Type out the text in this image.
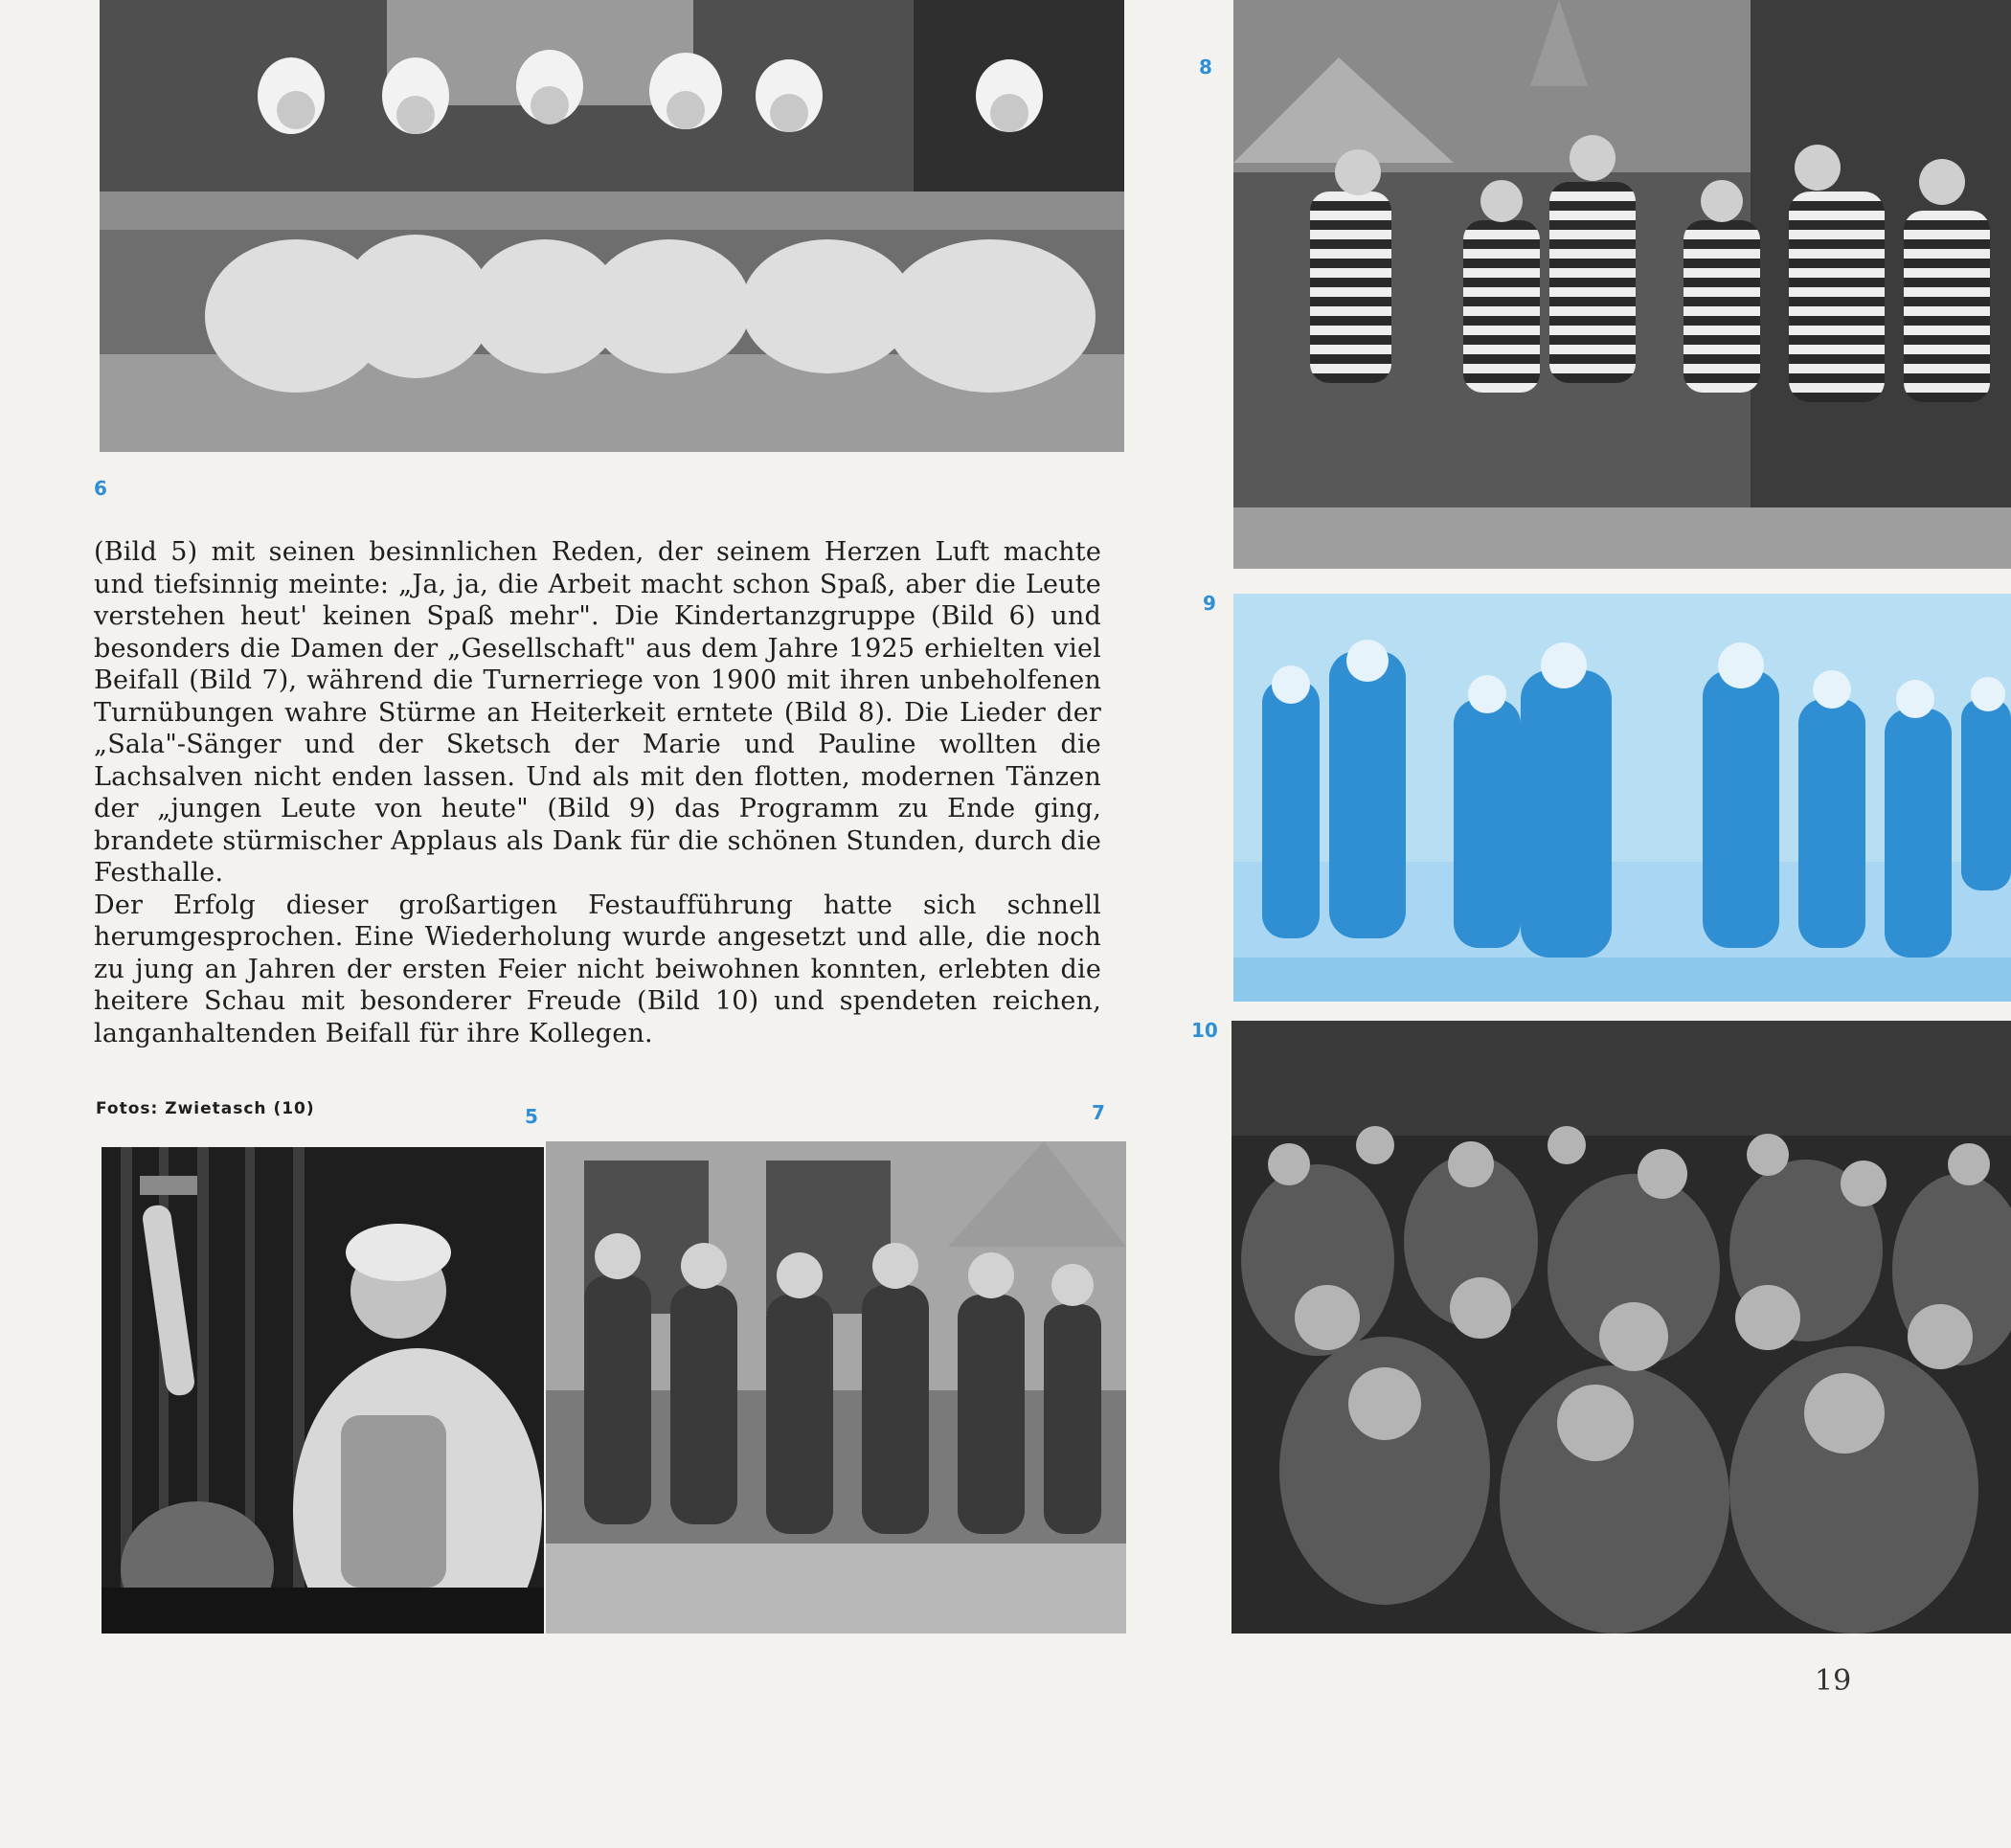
6
8
9
10

(Bild 5) mit seinen besinnlichen Reden, der seinem Herzen Luft machte und tiefsinnig meinte: „Ja, ja, die Arbeit macht schon Spaß, aber die Leute verstehen heut' keinen Spaß mehr". Die Kindertanzgruppe (Bild 6) und besonders die Damen der „Gesellschaft" aus dem Jahre 1925 erhielten viel Beifall (Bild 7), während die Turnerriege von 1900 mit ihren unbeholfenen Turnübungen wahre Stürme an Heiterkeit erntete (Bild 8). Die Lieder der „Sala"-Sänger und der Sketsch der Marie und Pauline wollten die Lachsalven nicht enden lassen. Und als mit den flotten, modernen Tänzen der „jungen Leute von heute" (Bild 9) das Programm zu Ende ging, brandete stürmischer Applaus als Dank für die schönen Stunden, durch die Festhalle.

Der Erfolg dieser großartigen Festaufführung hatte sich schnell herumgesprochen. Eine Wiederholung wurde angesetzt und alle, die noch zu jung an Jahren der ersten Feier nicht beiwohnen konnten, erlebten die heitere Schau mit besonderer Freude (Bild 10) und spendeten reichen, langanhaltenden Beifall für ihre Kollegen.

Fotos: Zwietasch (10)	5	7
19
